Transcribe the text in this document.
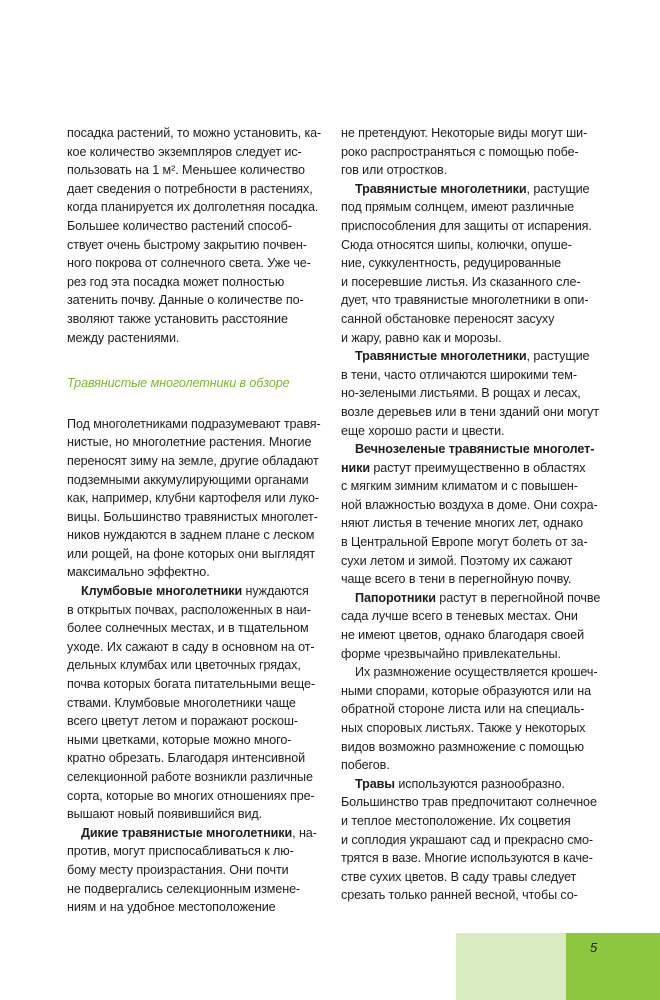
посадка растений, то можно установить, ка-
кое количество экземпляров следует ис-
пользовать на 1 м². Меньшее количество
дает сведения о потребности в растениях,
когда планируется их долголетняя посадка.
Большее количество растений способ-
ствует очень быстрому закрытию почвен-
ного покрова от солнечного света. Уже че-
рез год эта посадка может полностью
затенить почву. Данные о количестве по-
зволяют также установить расстояние
между растениями.
Травянистые многолетники в обзоре
Под многолетниками подразумевают травя-
нистые, но многолетние растения. Многие
переносят зиму на земле, другие обладают
подземными аккумулирующими органами
как, например, клубни картофеля или луко-
вицы. Большинство травянистых многолет-
ников нуждаются в заднем плане с леском
или рощей, на фоне которых они выглядят
максимально эффектно.
Клумбовые многолетники нуждаются
в открытых почвах, расположенных в наи-
более солнечных местах, и в тщательном
уходе. Их сажают в саду в основном на от-
дельных клумбах или цветочных грядах,
почва которых богата питательными веще-
ствами. Клумбовые многолетники чаще
всего цветут летом и поражают роскош-
ными цветками, которые можно много-
кратно обрезать. Благодаря интенсивной
селекционной работе возникли различные
сорта, которые во многих отношениях пре-
вышают новый появившийся вид.
Дикие травянистые многолетники, на-
против, могут приспосабливаться к лю-
бому месту произрастания. Они почти
не подвергались селекционным измене-
ниям и на удобное местоположение
не претендуют. Некоторые виды могут ши-
роко распространяться с помощью побе-
гов или отростков.
Травянистые многолетники, растущие
под прямым солнцем, имеют различные
приспособления для защиты от испарения.
Сюда относятся шипы, колючки, опуше-
ние, суккулентность, редуцированные
и посеревшие листья. Из сказанного сле-
дует, что травянистые многолетники в опи-
санной обстановке переносят засуху
и жару, равно как и морозы.
Травянистые многолетники, растущие
в тени, часто отличаются широкими тем-
но-зелеными листьями. В рощах и лесах,
возле деревьев или в тени зданий они могут
еще хорошо расти и цвести.
Вечнозеленые травянистые многолет-
ники растут преимущественно в областях
с мягким зимним климатом и с повышен-
ной влажностью воздуха в доме. Они сохра-
няют листья в течение многих лет, однако
в Центральной Европе могут болеть от за-
сухи летом и зимой. Поэтому их сажают
чаще всего в тени в перегнойную почву.
Папоротники растут в перегнойной почве
сада лучше всего в теневых местах. Они
не имеют цветов, однако благодаря своей
форме чрезвычайно привлекательны.
Их размножение осуществляется крошеч-
ными спорами, которые образуются или на
обратной стороне листа или на специаль-
ных споровых листьях. Также у некоторых
видов возможно размножение с помощью
побегов.
Травы используются разнообразно.
Большинство трав предпочитают солнечное
и теплое местоположение. Их соцветия
и соплодия украшают сад и прекрасно смо-
трятся в вазе. Многие используются в каче-
стве сухих цветов. В саду травы следует
срезать только ранней весной, чтобы со-
5
